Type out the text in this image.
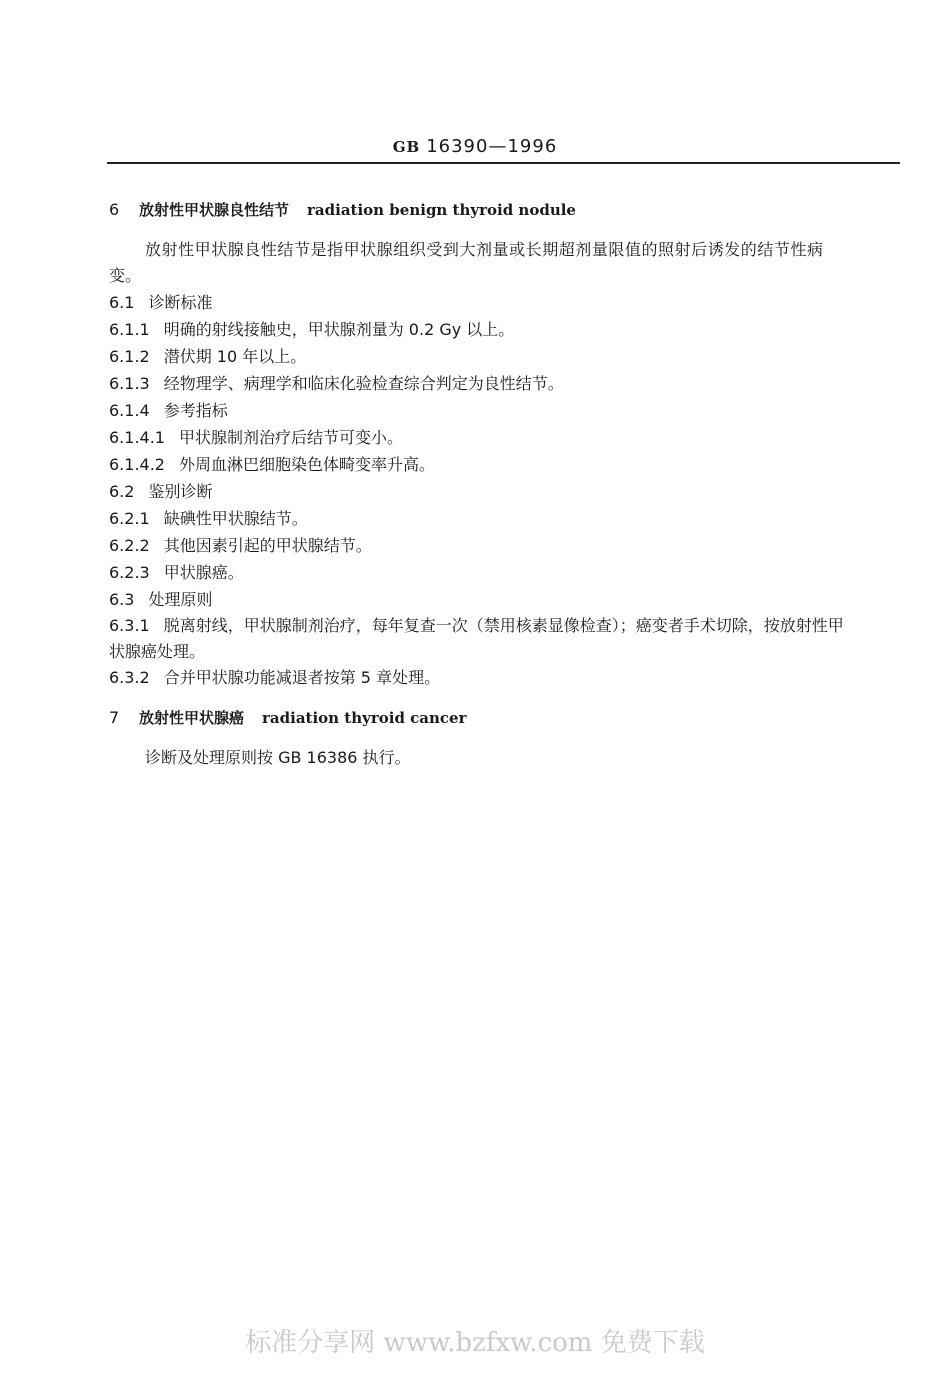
GB 16390—1996
6 放射性甲状腺良性结节 radiation benign thyroid nodule
放射性甲状腺良性结节是指甲状腺组织受到大剂量或长期超剂量限值的照射后诱发的结节性病
变。
6.1 诊断标准
6.1.1 明确的射线接触史，甲状腺剂量为 0.2 Gy 以上。
6.1.2 潜伏期 10 年以上。
6.1.3 经物理学、病理学和临床化验检查综合判定为良性结节。
6.1.4 参考指标
6.1.4.1 甲状腺制剂治疗后结节可变小。
6.1.4.2 外周血淋巴细胞染色体畸变率升高。
6.2 鉴别诊断
6.2.1 缺碘性甲状腺结节。
6.2.2 其他因素引起的甲状腺结节。
6.2.3 甲状腺癌。
6.3 处理原则
6.3.1 脱离射线，甲状腺制剂治疗，每年复查一次（禁用核素显像检查）；癌变者手术切除，按放射性甲
状腺癌处理。
6.3.2 合并甲状腺功能减退者按第 5 章处理。
7 放射性甲状腺癌 radiation thyroid cancer
诊断及处理原则按 GB 16386 执行。
标准分享网 www.bzfxw.com 免费下载
